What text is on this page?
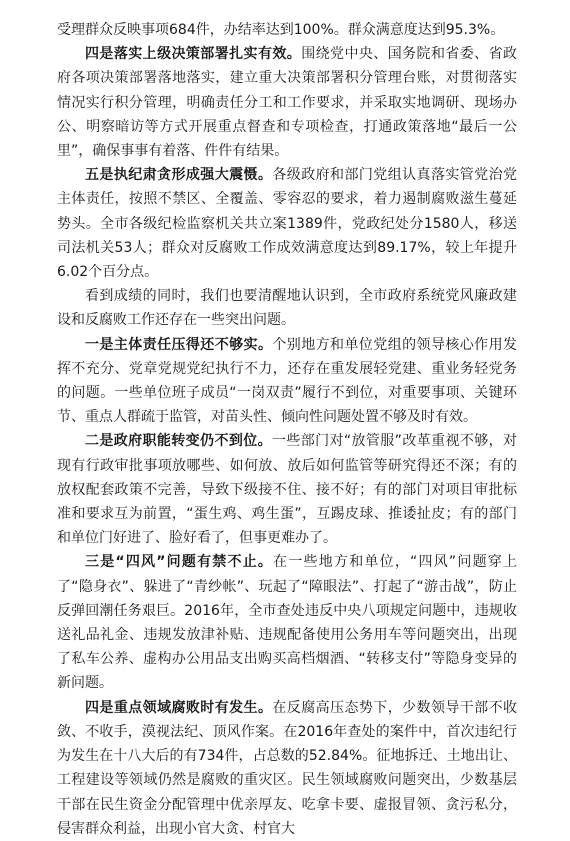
受理群众反映事项684件，办结率达到100%。群众满意度达到95.3%。

四是落实上级决策部署扎实有效。围绕党中央、国务院和省委、省政府各项决策部署落地落实，建立重大决策部署积分管理台账，对贯彻落实情况实行积分管理，明确责任分工和工作要求，并采取实地调研、现场办公、明察暗访等方式开展重点督查和专项检查，打通政策落地“最后一公里”，确保事事有着落、件件有结果。

五是执纪肃贪形成强大震慑。各级政府和部门党组认真落实管党治党主体责任，按照不禁区、全覆盖、零容忍的要求，着力遏制腐败滋生蔓延势头。全市各级纪检监察机关共立案1389件，党政纪处分1580人，移送司法机关53人；群众对反腐败工作成效满意度达到89.17%，较上年提升6.02个百分点。

看到成绩的同时，我们也要清醒地认识到，全市政府系统党风廉政建设和反腐败工作还存在一些突出问题。

一是主体责任压得还不够实。个别地方和单位党组的领导核心作用发挥不充分、党章党规党纪执行不力，还存在重发展轻党建、重业务轻党务的问题。一些单位班子成员“一岗双责”履行不到位，对重要事项、关键环节、重点人群疏于监管，对苗头性、倾向性问题处置不够及时有效。

二是政府职能转变仍不到位。一些部门对“放管服”改革重视不够，对现有行政审批事项放哪些、如何放、放后如何监管等研究得还不深；有的放权配套政策不完善，导致下级接不住、接不好；有的部门对项目审批标准和要求互为前置，“蛋生鸡、鸡生蛋”，互踢皮球、推诿扯皮；有的部门和单位门好进了、脸好看了，但事更难办了。

三是“四风”问题有禁不止。在一些地方和单位，“四风”问题穿上了“隐身衣”、躲进了“青纱帐”、玩起了“障眼法”、打起了“游击战”，防止反弹回潮任务艰巨。2016年，全市查处违反中央八项规定问题中，违规收送礼品礼金、违规发放津补贴、违规配备使用公务用车等问题突出，出现了私车公养、虚构办公用品支出购买高档烟酒、“转移支付”等隐身变异的新问题。

四是重点领域腐败时有发生。在反腐高压态势下，少数领导干部不收敛、不收手，漠视法纪、顶风作案。在2016年查处的案件中，首次违纪行为发生在十八大后的有734件，占总数的52.84%。征地拆迁、土地出让、工程建设等领域仍然是腐败的重灾区。民生领域腐败问题突出，少数基层干部在民生资金分配管理中优亲厚友、吃拿卡要、虚报冒领、贪污私分，侵害群众利益，出现小官大贪、村官大
